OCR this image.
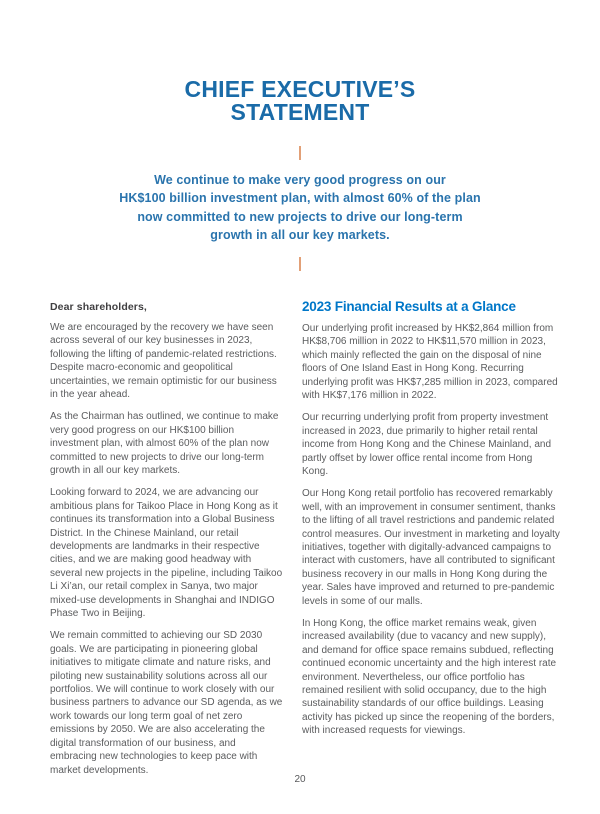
CHIEF EXECUTIVE’S
STATEMENT
We continue to make very good progress on our
HK$100 billion investment plan, with almost 60% of the plan
now committed to new projects to drive our long-term
growth in all our key markets.

Dear shareholders,

We are encouraged by the recovery we have seen across several of our key businesses in 2023, following the lifting of pandemic-related restrictions. Despite macro-economic and geopolitical uncertainties, we remain optimistic for our business in the year ahead.

As the Chairman has outlined, we continue to make very good progress on our HK$100 billion investment plan, with almost 60% of the plan now committed to new projects to drive our long-term growth in all our key markets.

Looking forward to 2024, we are advancing our ambitious plans for Taikoo Place in Hong Kong as it continues its transformation into a Global Business District. In the Chinese Mainland, our retail developments are landmarks in their respective cities, and we are making good headway with several new projects in the pipeline, including Taikoo Li Xi’an, our retail complex in Sanya, two major mixed-use developments in Shanghai and INDIGO Phase Two in Beijing.

We remain committed to achieving our SD 2030 goals. We are participating in pioneering global initiatives to mitigate climate and nature risks, and piloting new sustainability solutions across all our portfolios. We will continue to work closely with our business partners to advance our SD agenda, as we work towards our long term goal of net zero emissions by 2050. We are also accelerating the digital transformation of our business, and embracing new technologies to keep pace with market developments.

2023 Financial Results at a Glance

Our underlying profit increased by HK$2,864 million from HK$8,706 million in 2022 to HK$11,570 million in 2023, which mainly reflected the gain on the disposal of nine floors of One Island East in Hong Kong. Recurring underlying profit was HK$7,285 million in 2023, compared with HK$7,176 million in 2022.

Our recurring underlying profit from property investment increased in 2023, due primarily to higher retail rental income from Hong Kong and the Chinese Mainland, and partly offset by lower office rental income from Hong Kong.

Our Hong Kong retail portfolio has recovered remarkably well, with an improvement in consumer sentiment, thanks to the lifting of all travel restrictions and pandemic related control measures. Our investment in marketing and loyalty initiatives, together with digitally-advanced campaigns to interact with customers, have all contributed to significant business recovery in our malls in Hong Kong during the year. Sales have improved and returned to pre-pandemic levels in some of our malls.

In Hong Kong, the office market remains weak, given increased availability (due to vacancy and new supply), and demand for office space remains subdued, reflecting continued economic uncertainty and the high interest rate environment. Nevertheless, our office portfolio has remained resilient with solid occupancy, due to the high sustainability standards of our office buildings. Leasing activity has picked up since the reopening of the borders, with increased requests for viewings.

20
